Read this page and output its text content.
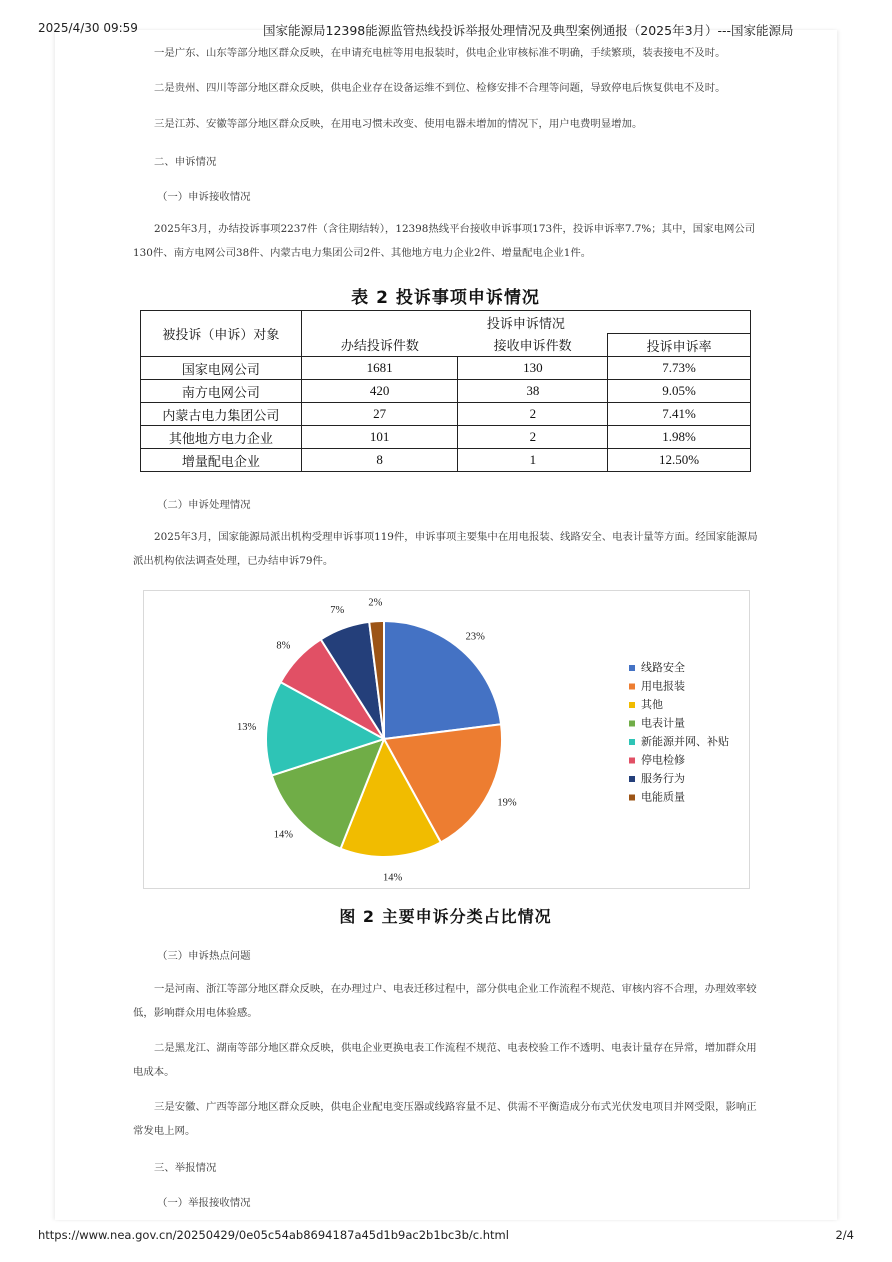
2025/4/30 09:59	国家能源局12398能源监管热线投诉举报处理情况及典型案例通报（2025年3月）---国家能源局
一是广东、山东等部分地区群众反映，在申请充电桩等用电报装时，供电企业审核标准不明确，手续繁琐，装表接电不及时。
二是贵州、四川等部分地区群众反映，供电企业存在设备运维不到位、检修安排不合理等问题，导致停电后恢复供电不及时。
三是江苏、安徽等部分地区群众反映，在用电习惯未改变、使用电器未增加的情况下，用户电费明显增加。
二、申诉情况
（一）申诉接收情况
2025年3月，办结投诉事项2237件（含往期结转），12398热线平台接收申诉事项173件，投诉申诉率7.7%；其中，国家电网公司130件、南方电网公司38件、内蒙古电力集团公司2件、其他地方电力企业2件、增量配电企业1件。
表 2 投诉事项申诉情况
被投诉（申诉）对象	投诉申诉情况		
	办结投诉件数	接收申诉件数	投诉申诉率
国家电网公司	1681	130	7.73%
南方电网公司	420	38	9.05%
内蒙古电力集团公司	27	2	7.41%
其他地方电力企业	101	2	1.98%
增量配电企业	8	1	12.50%
（二）申诉处理情况
2025年3月，国家能源局派出机构受理申诉事项119件，申诉事项主要集中在用电报装、线路安全、电表计量等方面。经国家能源局派出机构依法调查处理，已办结申诉79件。
23%
19%
14%
14%
13%
8%
7%
2%
线路安全
用电报装
其他
电表计量
新能源并网、补贴
停电检修
服务行为
电能质量
图 2 主要申诉分类占比情况
（三）申诉热点问题
一是河南、浙江等部分地区群众反映，在办理过户、电表迁移过程中，部分供电企业工作流程不规范、审核内容不合理，办理效率较低，影响群众用电体验感。
二是黑龙江、湖南等部分地区群众反映，供电企业更换电表工作流程不规范、电表校验工作不透明、电表计量存在异常，增加群众用电成本。
三是安徽、广西等部分地区群众反映，供电企业配电变压器或线路容量不足、供需不平衡造成分布式光伏发电项目并网受限，影响正常发电上网。
三、举报情况
（一）举报接收情况
https://www.nea.gov.cn/20250429/0e05c54ab8694187a45d1b9ac2b1bc3b/c.html	2/4
